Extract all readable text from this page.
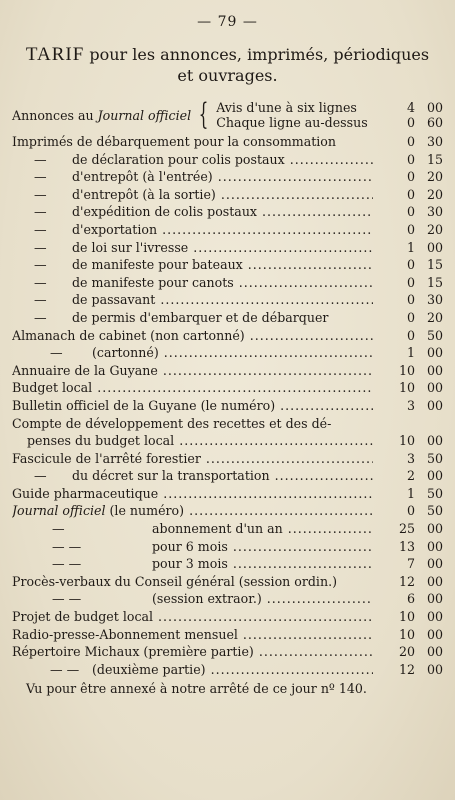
— 79 —
TARIF pour les annonces, imprimés, périodiques
et ouvrages.
Annonces au Journal officiel { Avis d'une à six lignes	4 00
Chaque ligne au-dessus	0 60
Imprimés de débarquement pour la consommation	0 30
— de déclaration pour colis postaux .....	0 15
— d'entrepôt (à l'entrée) .....	0 20
— d'entrepôt (à la sortie) .....	0 20
— d'expédition de colis postaux .....	0 30
— d'exportation .....	0 20
— de loi sur l'ivresse .....	1 00
— de manifeste pour bateaux .....	0 15
— de manifeste pour canots .....	0 15
— de passavant .....	0 30
— de permis d'embarquer et de débarquer	0 20
Almanach de cabinet (non cartonné) .....	0 50
— (cartonné) .....	1 00
Annuaire de la Guyane .....	10 00
Budget local .....	10 00
Bulletin officiel de la Guyane (le numéro) .....	3 00
Compte de développement des recettes et des dé-
penses du budget local .....	10 00
Fascicule de l'arrêté forestier .....	3 50
— du décret sur la transportation .....	2 00
Guide pharmaceutique .....	1 50
Journal officiel (le numéro) .....	0 50
—	abonnement d'un an .....	25 00
— —	pour 6 mois .....	13 00
— —	pour 3 mois .....	7 00
Procès-verbaux du Conseil général (session ordin.)	12 00
— —	(session extraor.) .....	6 00
Projet de budget local .....	10 00
Radio-presse-Abonnement mensuel .....	10 00
Répertoire Michaux (première partie) .....	20 00
— — (deuxième partie) .....	12 00
Vu pour être annexé à notre arrêté de ce jour nº 140.
